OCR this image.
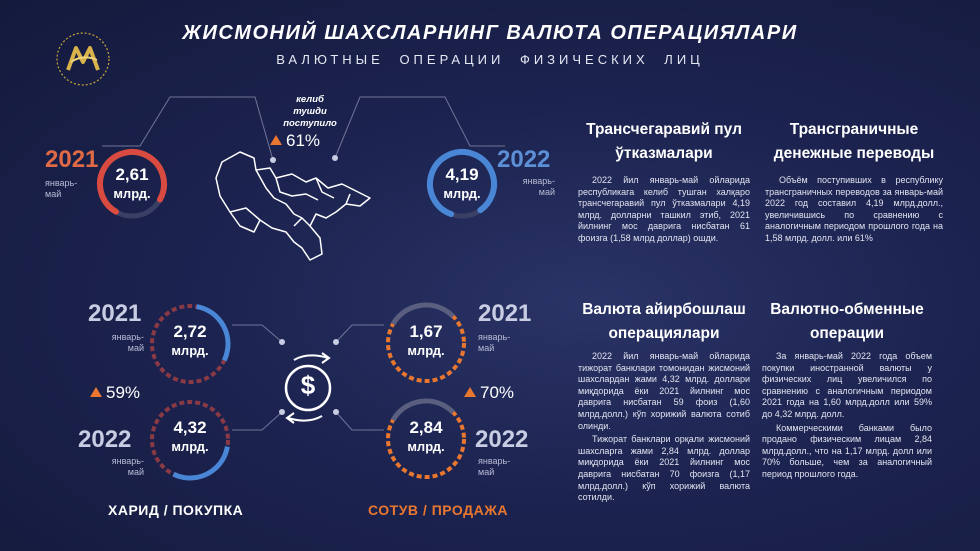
ЖИСМОНИЙ ШАХСЛАРНИНГ ВАЛЮТА ОПЕРАЦИЯЛАРИ
ВАЛЮТНЫЕ ОПЕРАЦИИ ФИЗИЧЕСКИХ ЛИЦ
2021
январь-
май
2,61
млрд.
келиб тушди
поступило
61%
4,19
млрд.
2022
январь-
май
2021
январь-
май
2,72
млрд.
59%
2022
январь-
май
4,32
млрд.
ХАРИД / ПОКУПКА
$
1,67
млрд.
2021
январь-
май
70%
2,84
млрд.	2022
январь-
май
СОТУВ / ПРОДАЖА
Трансчегаравий пул
ўтказмалари
2022 йил январь-май ойларида республикага келиб тушган халқаро трансчегаравий пул ўтказмалари 4,19 млрд. долларни ташкил этиб, 2021 йилнинг мос даврига нисбатан 61 фоизга (1,58 млрд доллар) ошди.
Трансграничные
денежные переводы
Объём поступивших в республику трансграничных переводов за январь-май 2022 год составил 4,19 млрд.долл., увеличившись по сравнению с аналогичным периодом прошлого года на 1,58 млрд. долл. или 61%
Валюта айирбошлаш
операциялари
2022 йил январь-май ойларида тижорат банклари томонидан жисмоний шахслардан жами 4,32 млрд. доллари миқдорида ёки 2021 йилнинг мос даврига нисбатан 59 фоиз (1,60 млрд.долл.) кўп хорижий валюта сотиб олинди.
Тижорат банклари орқали жисмоний шахсларга жами 2,84 млрд. доллар миқдорида ёки 2021 йилнинг мос даврига нисбатан 70 фоизга (1,17 млрд.долл.) кўп хорижий валюта сотилди.
Валютно-обменные
операции
За январь-май 2022 года объем покупки иностранной валюты у физических лиц увеличился по сравнению с аналогичным периодом 2021 года на 1,60 млрд.долл или 59% до 4,32 млрд. долл.
Коммерческими банками было продано физическим лицам 2,84 млрд.долл., что на 1,17 млрд. долл или 70% больше, чем за аналогичный период прошлого года.
